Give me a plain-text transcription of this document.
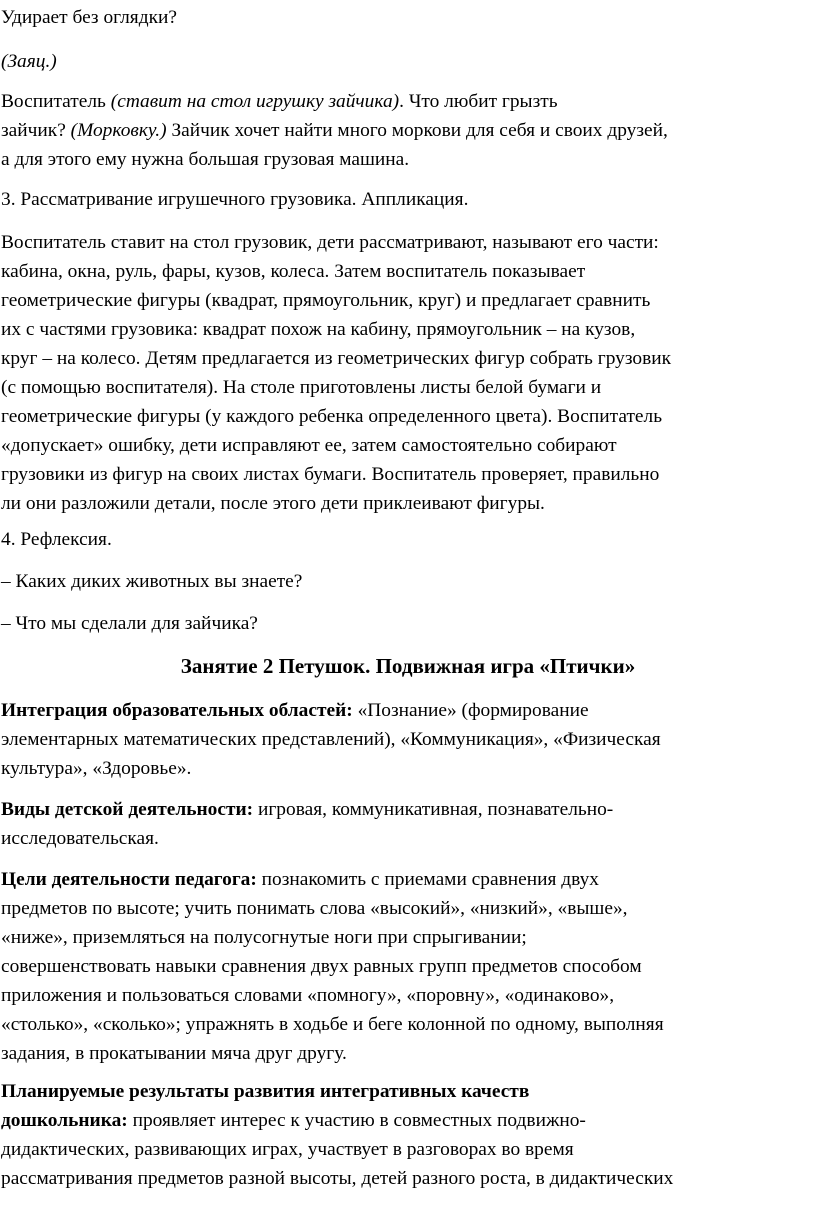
Удирает без оглядки?

(Заяц.)

Воспитатель (ставит на стол игрушку зайчика). Что любит грызть

зайчик? (Морковку.) Зайчик хочет найти много моркови для себя и своих друзей,

а для этого ему нужна большая грузовая машина.

3. Рассматривание игрушечного грузовика. Аппликация.

Воспитатель ставит на стол грузовик, дети рассматривают, называют его части:

кабина, окна, руль, фары, кузов, колеса. Затем воспитатель показывает

геометрические фигуры (квадрат, прямоугольник, круг) и предлагает сравнить

их с частями грузовика: квадрат похож на кабину, прямоугольник – на кузов,

круг – на колесо. Детям предлагается из геометрических фигур собрать грузовик

(с помощью воспитателя). На столе приготовлены листы белой бумаги и

геометрические фигуры (у каждого ребенка определенного цвета). Воспитатель

«допускает» ошибку, дети исправляют ее, затем самостоятельно собирают

грузовики из фигур на своих листах бумаги. Воспитатель проверяет, правильно

ли они разложили детали, после этого дети приклеивают фигуры.

4. Рефлексия.

– Каких диких животных вы знаете?

– Что мы сделали для зайчика?

Занятие 2 Петушок. Подвижная игра «Птички»

Интеграция образовательных областей: «Познание» (формирование

элементарных математических представлений), «Коммуникация», «Физическая

культура», «Здоровье».

Виды детской деятельности: игровая, коммуникативная, познавательно-

исследовательская.

Цели деятельности педагога: познакомить с приемами сравнения двух

предметов по высоте; учить понимать слова «высокий», «низкий», «выше»,

«ниже», приземляться на полусогнутые ноги при спрыгивании;

совершенствовать навыки сравнения двух равных групп предметов способом

приложения и пользоваться словами «помногу», «поровну», «одинаково»,

«столько», «сколько»; упражнять в ходьбе и беге колонной по одному, выполняя

задания, в прокатывании мяча друг другу.

Планируемые результаты развития интегративных качеств

дошкольника: проявляет интерес к участию в совместных подвижно-

дидактических, развивающих играх, участвует в разговорах во время

рассматривания предметов разной высоты, детей разного роста, в дидактических
